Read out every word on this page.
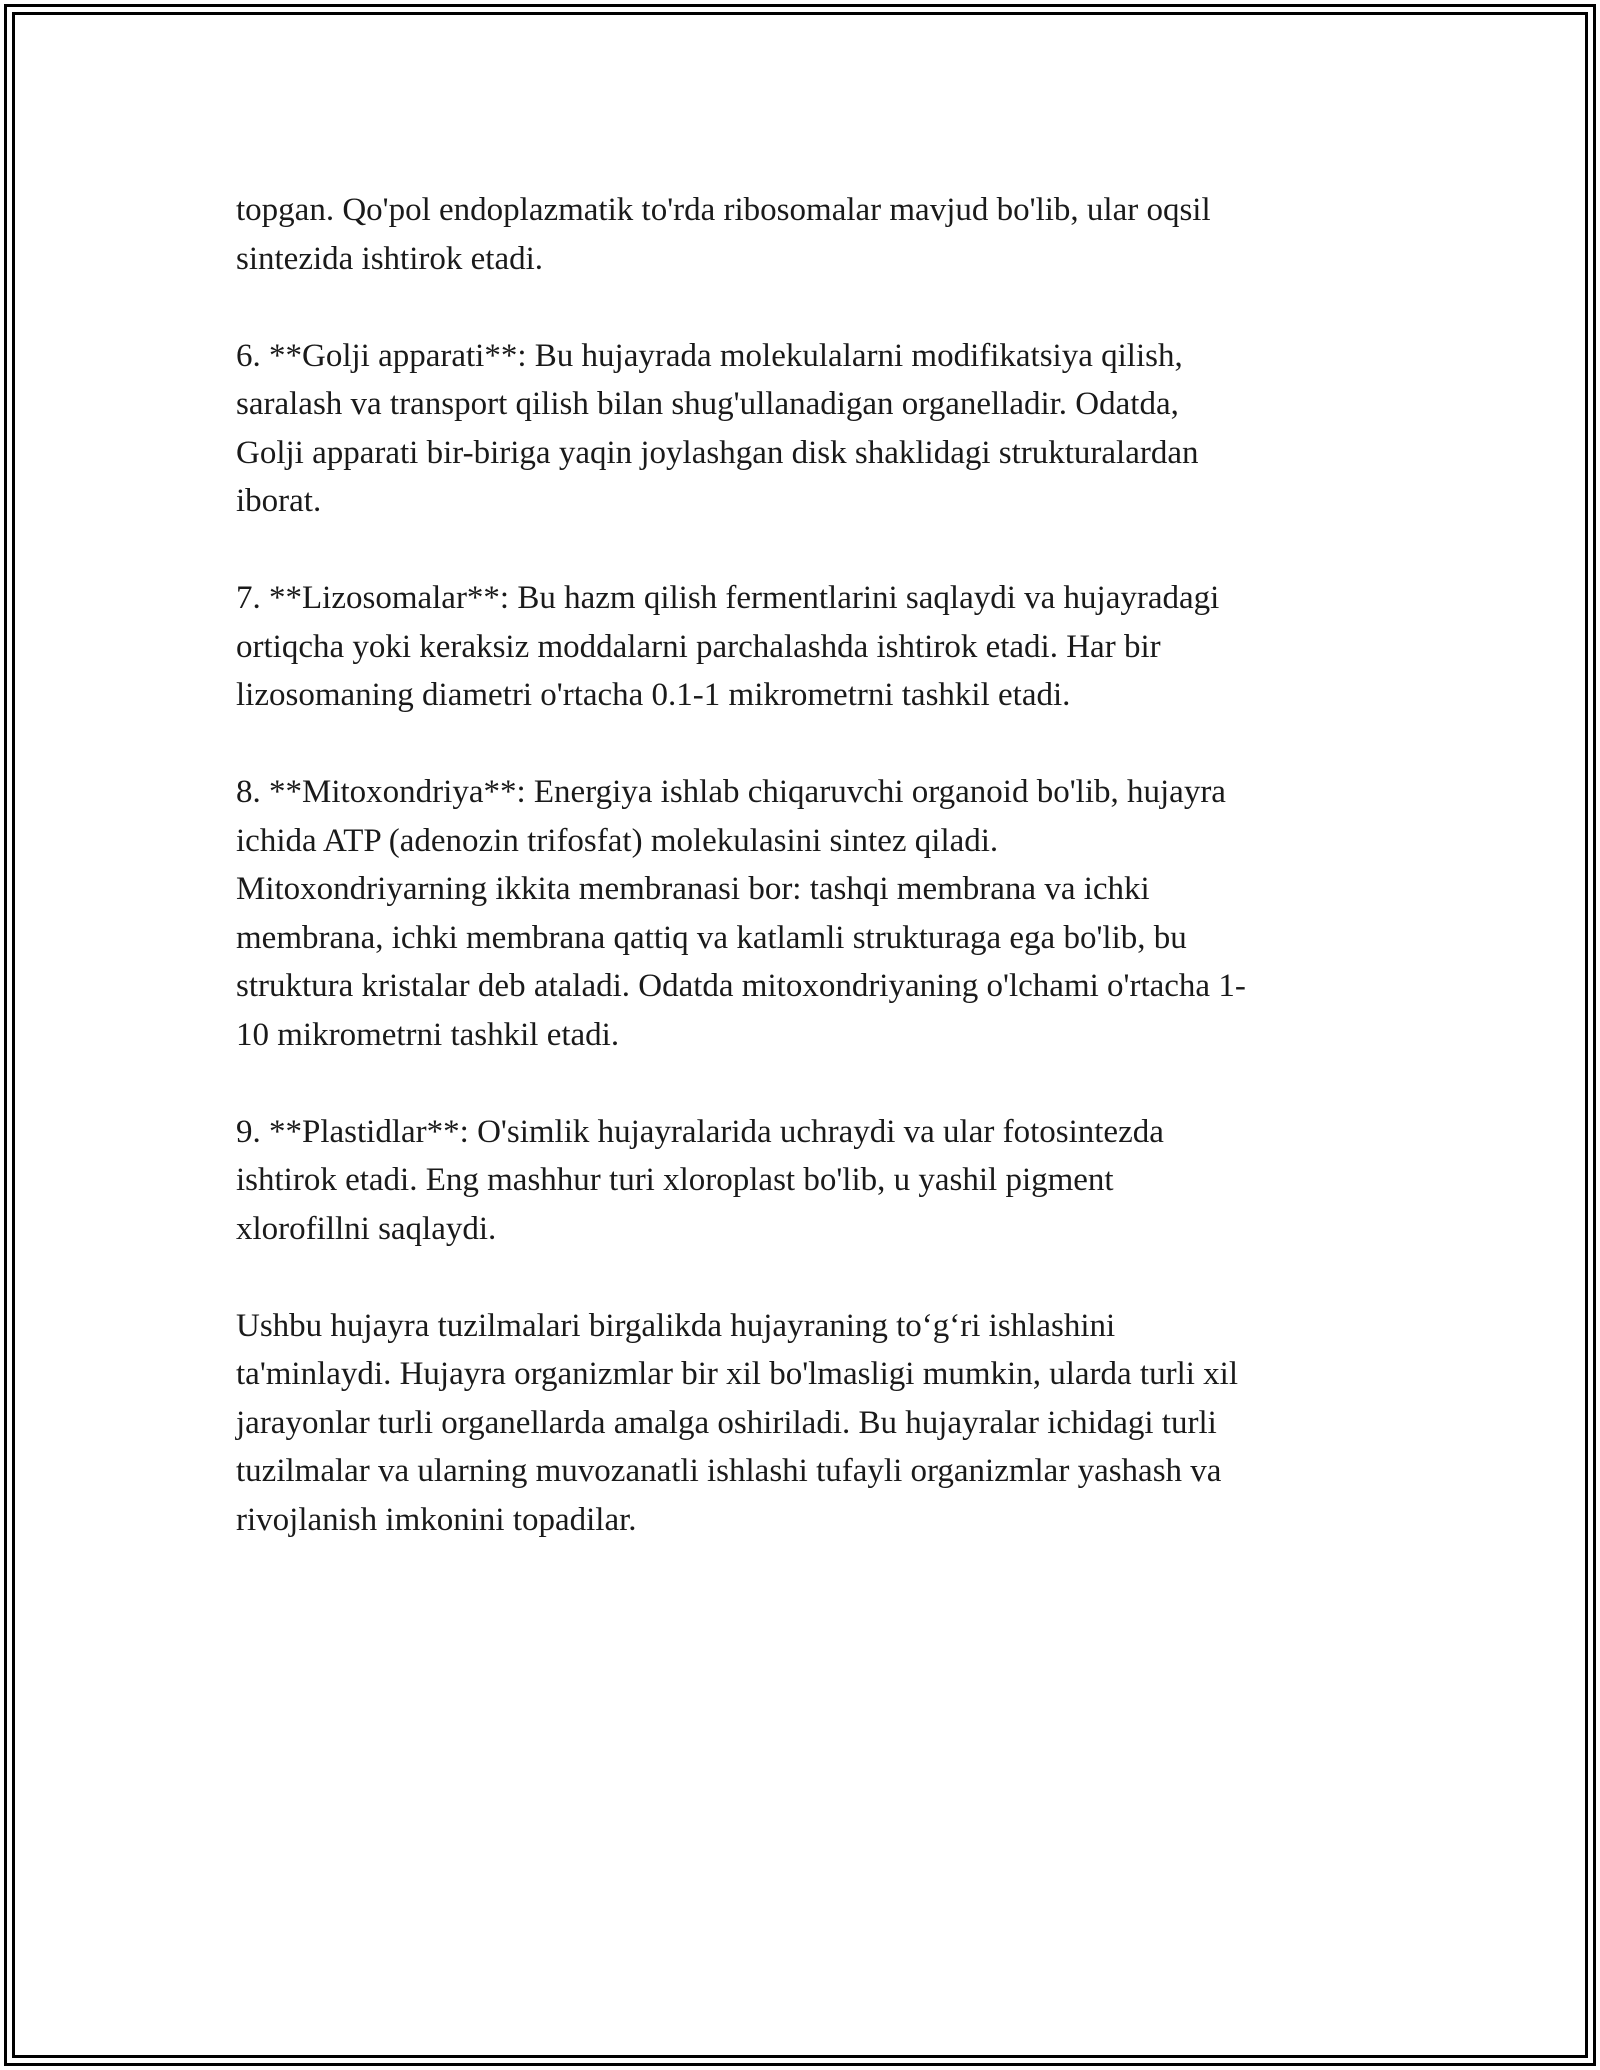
topgan. Qo'pol endoplazmatik to'rda ribosomalar mavjud bo'lib, ular oqsil
sintezida ishtirok etadi.

6. **Golji apparati**: Bu hujayrada molekulalarni modifikatsiya qilish,
saralash va transport qilish bilan shug'ullanadigan organelladir. Odatda,
Golji apparati bir-biriga yaqin joylashgan disk shaklidagi strukturalardan
iborat.

7. **Lizosomalar**: Bu hazm qilish fermentlarini saqlaydi va hujayradagi
ortiqcha yoki keraksiz moddalarni parchalashda ishtirok etadi. Har bir
lizosomaning diametri o'rtacha 0.1-1 mikrometrni tashkil etadi.

8. **Mitoxondriya**: Energiya ishlab chiqaruvchi organoid bo'lib, hujayra
ichida ATP (adenozin trifosfat) molekulasini sintez qiladi.
Mitoxondriyarning ikkita membranasi bor: tashqi membrana va ichki
membrana, ichki membrana qattiq va katlamli strukturaga ega bo'lib, bu
struktura kristalar deb ataladi. Odatda mitoxondriyaning o'lchami o'rtacha 1-
10 mikrometrni tashkil etadi.

9. **Plastidlar**: O'simlik hujayralarida uchraydi va ular fotosintezda
ishtirok etadi. Eng mashhur turi xloroplast bo'lib, u yashil pigment
xlorofillni saqlaydi.

Ushbu hujayra tuzilmalari birgalikda hujayraning to‘g‘ri ishlashini
ta'minlaydi. Hujayra organizmlar bir xil bo'lmasligi mumkin, ularda turli xil
jarayonlar turli organellarda amalga oshiriladi. Bu hujayralar ichidagi turli
tuzilmalar va ularning muvozanatli ishlashi tufayli organizmlar yashash va
rivojlanish imkonini topadilar.
